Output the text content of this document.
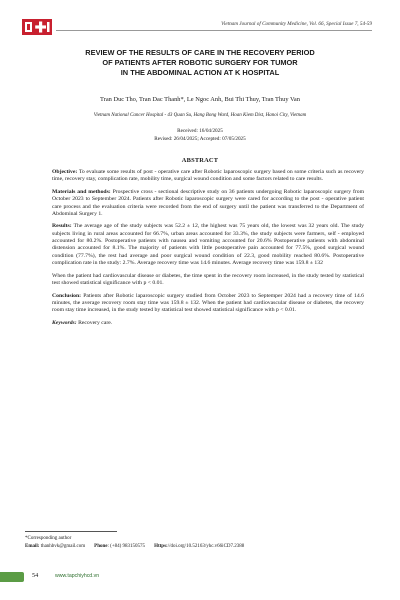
Vietnam Journal of Community Medicine, Vol. 66, Special Issue 7, 54-59
REVIEW OF THE RESULTS OF CARE IN THE RECOVERY PERIOD
OF PATIENTS AFTER ROBOTIC SURGERY FOR TUMOR
IN THE ABDOMINAL ACTION AT K HOSPITAL
Tran Duc Tho, Tran Dac Thanh*, Le Ngoc Anh, Bui Thi Thuy, Tran Thuy Van
Vietnam National Cancer Hospital - 43 Quan Su, Hang Bong Ward, Hoan Kiem Dist, Hanoi City, Vietnam
Received: 16/04/2025
Revised: 26/04/2025; Accepted: 07/05/2025
ABSTRACT

Objective: To evaluate some results of post - operative care after Robotic laparoscopic surgery based on some criteria such as recovery time, recovery stay, complication rate, mobility time, surgical wound condition and some factors related to care results.

Materials and methods: Prospective cross - sectional descriptive study on 36 patients undergoing Robotic laparoscopic surgery from October 2023 to September 2024. Patients after Robotic laparoscopic surgery were cared for according to the post - operative patient care process and the evaluation criteria were recorded from the end of surgery until the patient was transferred to the Department of Abdominal Surgery 1.

Results: The average age of the study subjects was 52.2 ± 12, the highest was 75 years old, the lowest was 32 years old. The study subjects living in rural areas accounted for 66.7%, urban areas accounted for 33.3%, the study subjects were farmers, self - employed accounted for 80.2%. Postoperative patients with nausea and vomiting accounted for 20.6% Postoperative patients with abdominal distension accounted for 8.1%. The majority of patients with little postoperative pain accounted for 77.5%, good surgical wound condition (77.7%), the rest had average and poor surgical wound condition of 22.3, good mobility reached 80.6%. Postoperative complication rate in the study: 2.7%. Average recovery time was 14.6 minutes. Average recovery time was 159.8 ± 132

When the patient had cardiovascular disease or diabetes, the time spent in the recovery room increased, in the study tested by statistical test showed statistical significance with p < 0.01.

Conclusion: Patients after Robotic laparoscopic surgery studied from October 2023 to Septemper 2024 had a recovery time of 14.6 minutes, the average recovery room stay time was 159.8 ± 132. When the patient had cardiovascular disease or diabetes, the recovery room stay time increased, in the study tested by statistical test showed statistical significance with p < 0.01.

Keywords: Recovery care.

*Corresponding author
Email: thanhbvk@gmail.com Phone: (+84) 983150575 Https://doi.org/10.52163/yhc.v66iCD7.2388
54	www.tapchiyhcd.vn
